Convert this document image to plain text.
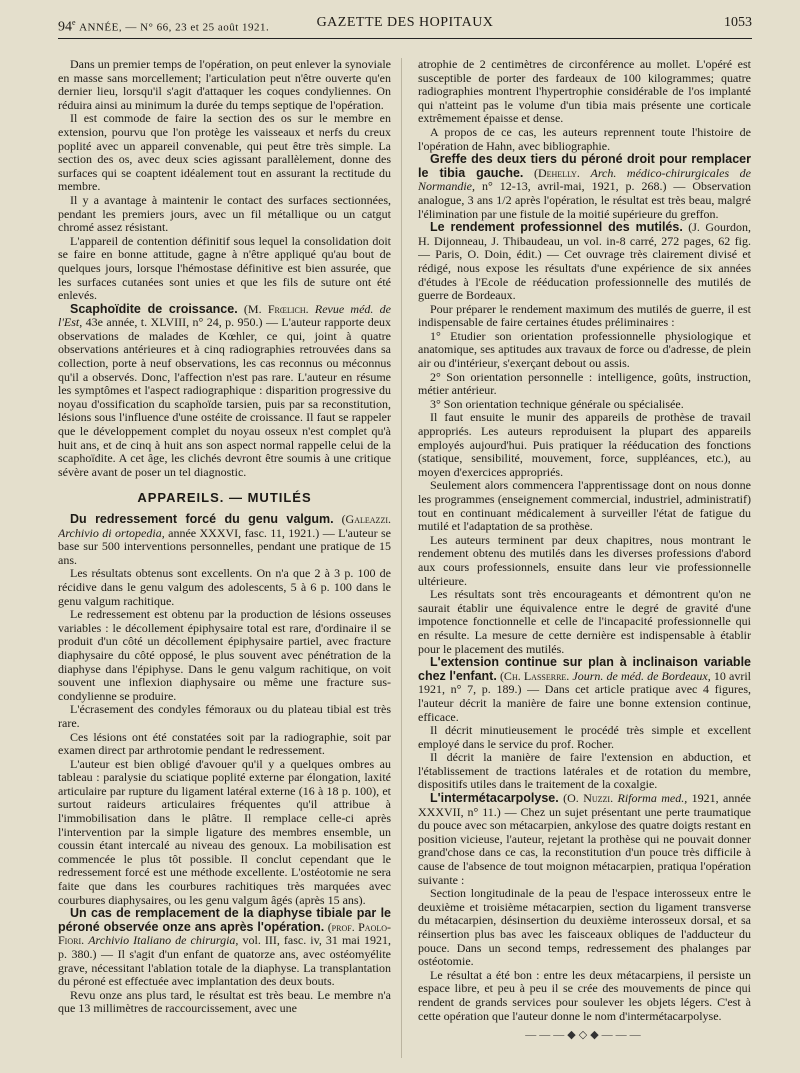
94e ANNÉE, — N° 66, 23 et 25 août 1921.	GAZETTE DES HOPITAUX	1053

Dans un premier temps de l'opération, on peut enlever la synoviale en masse sans morcellement; l'articulation peut n'être ouverte qu'en dernier lieu, lorsqu'il s'agit d'attaquer les coques condyliennes. On réduira ainsi au minimum la durée du temps septique de l'opération.

Il est commode de faire la section des os sur le membre en extension, pourvu que l'on protège les vaisseaux et nerfs du creux poplité avec un appareil convenable, qui peut être très simple. La section des os, avec deux scies agissant parallèlement, donne des surfaces qui se coaptent idéalement tout en assurant la rectitude du membre.

Il y a avantage à maintenir le contact des surfaces sectionnées, pendant les premiers jours, avec un fil métallique ou un catgut chromé assez résistant.

L'appareil de contention définitif sous lequel la consolidation doit se faire en bonne attitude, gagne à n'être appliqué qu'au bout de quelques jours, lorsque l'hémostase définitive est bien assurée, que les surfaces cutanées sont unies et que les fils de suture ont été enlevés.

Scaphoïdite de croissance. (M. Frœlich. Revue méd. de l'Est, 43e année, t. XLVIII, n° 24, p. 950.) — L'auteur rapporte deux observations de malades de Kœhler, ce qui, joint à quatre observations antérieures et à cinq radiographies retrouvées dans sa collection, porte à neuf observations, les cas reconnus ou méconnus qu'il a observés. Donc, l'affection n'est pas rare. L'auteur en résume les symptômes et l'aspect radiographique : disparition progressive du noyau d'ossification du scaphoïde tarsien, puis par sa reconstitution, lésions sous l'influence d'une ostéite de croissance. Il faut se rappeler que le développement complet du noyau osseux n'est complet qu'à huit ans, et de cinq à huit ans son aspect normal rappelle celui de la scaphoïdite. A cet âge, les clichés devront être soumis à une critique sévère avant de poser un tel diagnostic.

APPAREILS. — MUTILÉS

Du redressement forcé du genu valgum. (Galeazzi. Archivio di ortopedia, année XXXVI, fasc. 11, 1921.) — L'auteur se base sur 500 interventions personnelles, pendant une pratique de 15 ans.

Les résultats obtenus sont excellents. On n'a que 2 à 3 p. 100 de récidive dans le genu valgum des adolescents, 5 à 6 p. 100 dans le genu valgum rachitique.

Le redressement est obtenu par la production de lésions osseuses variables : le décollement épiphysaire total est rare, d'ordinaire il se produit d'un côté un décollement épiphysaire partiel, avec fracture diaphysaire du côté opposé, le plus souvent avec pénétration de la diaphyse dans l'épiphyse. Dans le genu valgum rachitique, on voit souvent une inflexion diaphysaire ou même une fracture sus-condylienne se produire.

L'écrasement des condyles fémoraux ou du plateau tibial est très rare.

Ces lésions ont été constatées soit par la radiographie, soit par examen direct par arthrotomie pendant le redressement.

L'auteur est bien obligé d'avouer qu'il y a quelques ombres au tableau : paralysie du sciatique poplité externe par élongation, laxité articulaire par rupture du ligament latéral externe (16 à 18 p. 100), et surtout raideurs articulaires fréquentes qu'il attribue à l'immobilisation dans le plâtre. Il remplace celle-ci après l'intervention par la simple ligature des membres ensemble, un coussin étant intercalé au niveau des genoux. La mobilisation est commencée le plus tôt possible. Il conclut cependant que le redressement forcé est une méthode excellente. L'ostéotomie ne sera faite que dans les courbures rachitiques très marquées avec courbures diaphysaires, ou les genu valgum âgés (après 15 ans).

Un cas de remplacement de la diaphyse tibiale par le péroné observée onze ans après l'opération. (prof. Paolo-Fiori. Archivio Italiano de chirurgia, vol. III, fasc. iv, 31 mai 1921, p. 380.) — Il s'agit d'un enfant de quatorze ans, avec ostéomyélite grave, nécessitant l'ablation totale de la diaphyse. La transplantation du péroné est effectuée avec implantation des deux bouts.

Revu onze ans plus tard, le résultat est très beau. Le membre n'a que 13 millimètres de raccourcissement, avec une

atrophie de 2 centimètres de circonférence au mollet. L'opéré est susceptible de porter des fardeaux de 100 kilogrammes; quatre radiographies montrent l'hypertrophie considérable de l'os implanté qui n'atteint pas le volume d'un tibia mais présente une corticale extrêmement épaisse et dense.

A propos de ce cas, les auteurs reprennent toute l'histoire de l'opération de Hahn, avec bibliographie.

Greffe des deux tiers du péroné droit pour remplacer le tibia gauche. (Dehelly. Arch. médico-chirurgicales de Normandie, n° 12-13, avril-mai, 1921, p. 268.) — Observation analogue, 3 ans 1/2 après l'opération, le résultat est très beau, malgré l'élimination par une fistule de la moitié supérieure du greffon.

Le rendement professionnel des mutilés. (J. Gourdon, H. Dijonneau, J. Thibaudeau, un vol. in-8 carré, 272 pages, 62 fig. — Paris, O. Doin, édit.) — Cet ouvrage très clairement divisé et rédigé, nous expose les résultats d'une expérience de six années d'études à l'Ecole de rééducation professionnelle des mutilés de guerre de Bordeaux.

Pour préparer le rendement maximum des mutilés de guerre, il est indispensable de faire certaines études préliminaires :

1° Etudier son orientation professionnelle physiologique et anatomique, ses aptitudes aux travaux de force ou d'adresse, de plein air ou d'intérieur, s'exerçant debout ou assis.

2° Son orientation personnelle : intelligence, goûts, instruction, métier antérieur.

3° Son orientation technique générale ou spécialisée.

Il faut ensuite le munir des appareils de prothèse de travail appropriés. Les auteurs reproduisent la plupart des appareils employés aujourd'hui. Puis pratiquer la rééducation des fonctions (statique, sensibilité, mouvement, force, suppléances, etc.), au moyen d'exercices appropriés.

Seulement alors commencera l'apprentissage dont on nous donne les programmes (enseignement commercial, industriel, administratif) tout en continuant médicalement à surveiller l'état de fatigue du mutilé et l'adaptation de sa prothèse.

Les auteurs terminent par deux chapitres, nous montrant le rendement obtenu des mutilés dans les diverses professions d'abord aux cours professionnels, ensuite dans leur vie professionnelle ultérieure.

Les résultats sont très encourageants et démontrent qu'on ne saurait établir une équivalence entre le degré de gravité d'une impotence fonctionnelle et celle de l'incapacité professionnelle qui en résulte. La mesure de cette dernière est indispensable à établir pour le placement des mutilés.

L'extension continue sur plan à inclinaison variable chez l'enfant. (Ch. Lasserre. Journ. de méd. de Bordeaux, 10 avril 1921, n° 7, p. 189.) — Dans cet article pratique avec 4 figures, l'auteur décrit la manière de faire une bonne extension continue, efficace.

Il décrit minutieusement le procédé très simple et excellent employé dans le service du prof. Rocher.

Il décrit la manière de faire l'extension en abduction, et l'établissement de tractions latérales et de rotation du membre, dispositifs utiles dans le traitement de la coxalgie.

L'intermétacarpolyse. (O. Nuzzi. Riforma med., 1921, année XXXVII, n° 11.) — Chez un sujet présentant une perte traumatique du pouce avec son métacarpien, ankylose des quatre doigts restant en position vicieuse, l'auteur, rejetant la prothèse qui ne pouvait donner grand'chose dans ce cas, la reconstitution d'un pouce très difficile à cause de l'absence de tout moignon métacarpien, pratiqua l'opération suivante :

Section longitudinale de la peau de l'espace interosseux entre le deuxième et troisième métacarpien, section du ligament transverse du métacarpien, désinsertion du deuxième interosseux dorsal, et sa réinsertion plus bas avec les faisceaux obliques de l'adducteur du pouce. Dans un second temps, redressement des phalanges par ostéotomie.

Le résultat a été bon : entre les deux métacarpiens, il persiste un espace libre, et peu à peu il se crée des mouvements de pince qui rendent de grands services pour soulever les objets légers. C'est à cette opération que l'auteur donne le nom d'intermétacarpolyse.

———◆◇◆———
